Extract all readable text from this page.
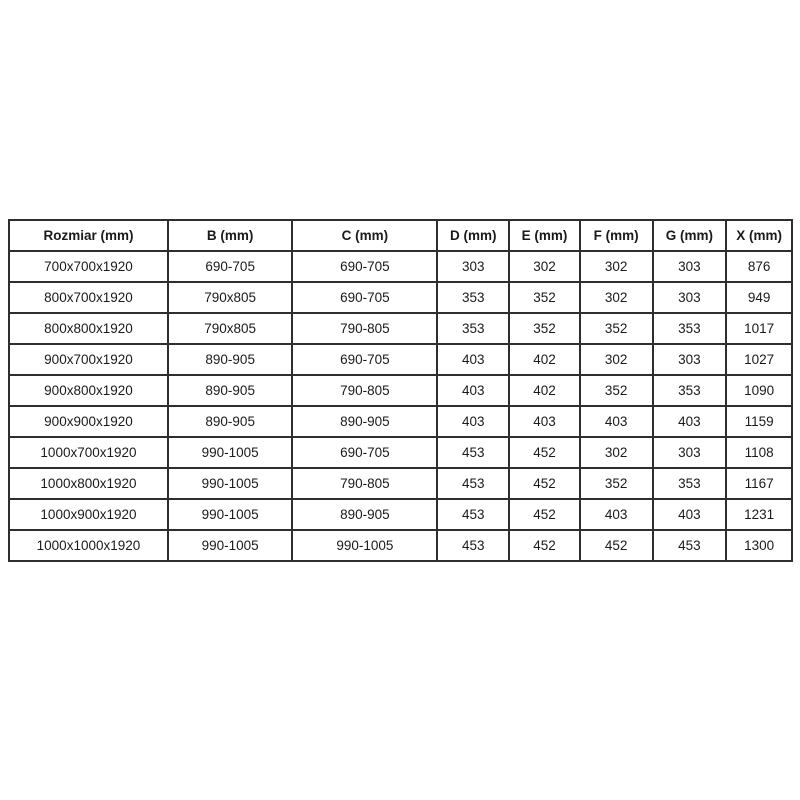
Rozmiar (mm)	B (mm)	C (mm)	D (mm)	E (mm)	F (mm)	G (mm)	X (mm)
700x700x1920	690-705	690-705	303	302	302	303	876
800x700x1920	790x805	690-705	353	352	302	303	949
800x800x1920	790x805	790-805	353	352	352	353	1017
900x700x1920	890-905	690-705	403	402	302	303	1027
900x800x1920	890-905	790-805	403	402	352	353	1090
900x900x1920	890-905	890-905	403	403	403	403	1159
1000x700x1920	990-1005	690-705	453	452	302	303	1108
1000x800x1920	990-1005	790-805	453	452	352	353	1167
1000x900x1920	990-1005	890-905	453	452	403	403	1231
1000x1000x1920	990-1005	990-1005	453	452	452	453	1300
